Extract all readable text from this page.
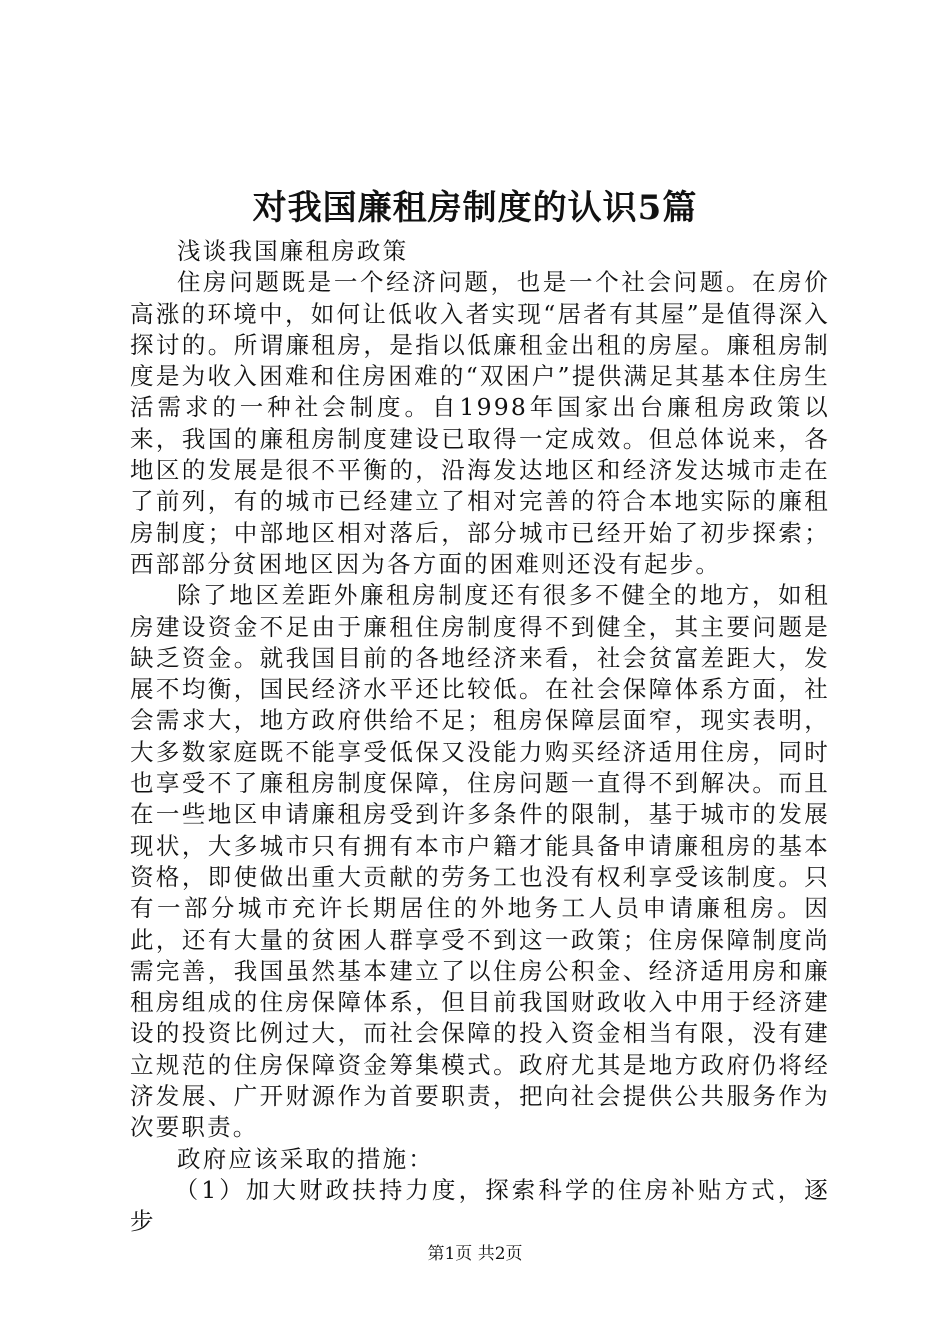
对我国廉租房制度的认识5篇

浅谈我国廉租房政策

住房问题既是一个经济问题，也是一个社会问题。在房价高涨的环境中，如何让低收入者实现“居者有其屋”是值得深入探讨的。所谓廉租房，是指以低廉租金出租的房屋。廉租房制度是为收入困难和住房困难的“双困户”提供满足其基本住房生活需求的一种社会制度。自1998年国家出台廉租房政策以来，我国的廉租房制度建设已取得一定成效。但总体说来，各地区的发展是很不平衡的，沿海发达地区和经济发达城市走在了前列，有的城市已经建立了相对完善的符合本地实际的廉租房制度；中部地区相对落后，部分城市已经开始了初步探索；西部部分贫困地区因为各方面的困难则还没有起步。

除了地区差距外廉租房制度还有很多不健全的地方，如租房建设资金不足由于廉租住房制度得不到健全，其主要问题是缺乏资金。就我国目前的各地经济来看，社会贫富差距大，发展不均衡，国民经济水平还比较低。在社会保障体系方面，社会需求大，地方政府供给不足；租房保障层面窄，现实表明，大多数家庭既不能享受低保又没能力购买经济适用住房，同时也享受不了廉租房制度保障，住房问题一直得不到解决。而且在一些地区申请廉租房受到许多条件的限制，基于城市的发展现状，大多城市只有拥有本市户籍才能具备申请廉租房的基本资格，即使做出重大贡献的劳务工也没有权利享受该制度。只有一部分城市充许长期居住的外地务工人员申请廉租房。因此，还有大量的贫困人群享受不到这一政策；住房保障制度尚需完善，我国虽然基本建立了以住房公积金、经济适用房和廉租房组成的住房保障体系，但目前我国财政收入中用于经济建设的投资比例过大，而社会保障的投入资金相当有限，没有建立规范的住房保障资金筹集模式。政府尤其是地方政府仍将经济发展、广开财源作为首要职责，把向社会提供公共服务作为次要职责。

政府应该采取的措施：

（1）加大财政扶持力度，探索科学的住房补贴方式，逐步

第1页 共2页
